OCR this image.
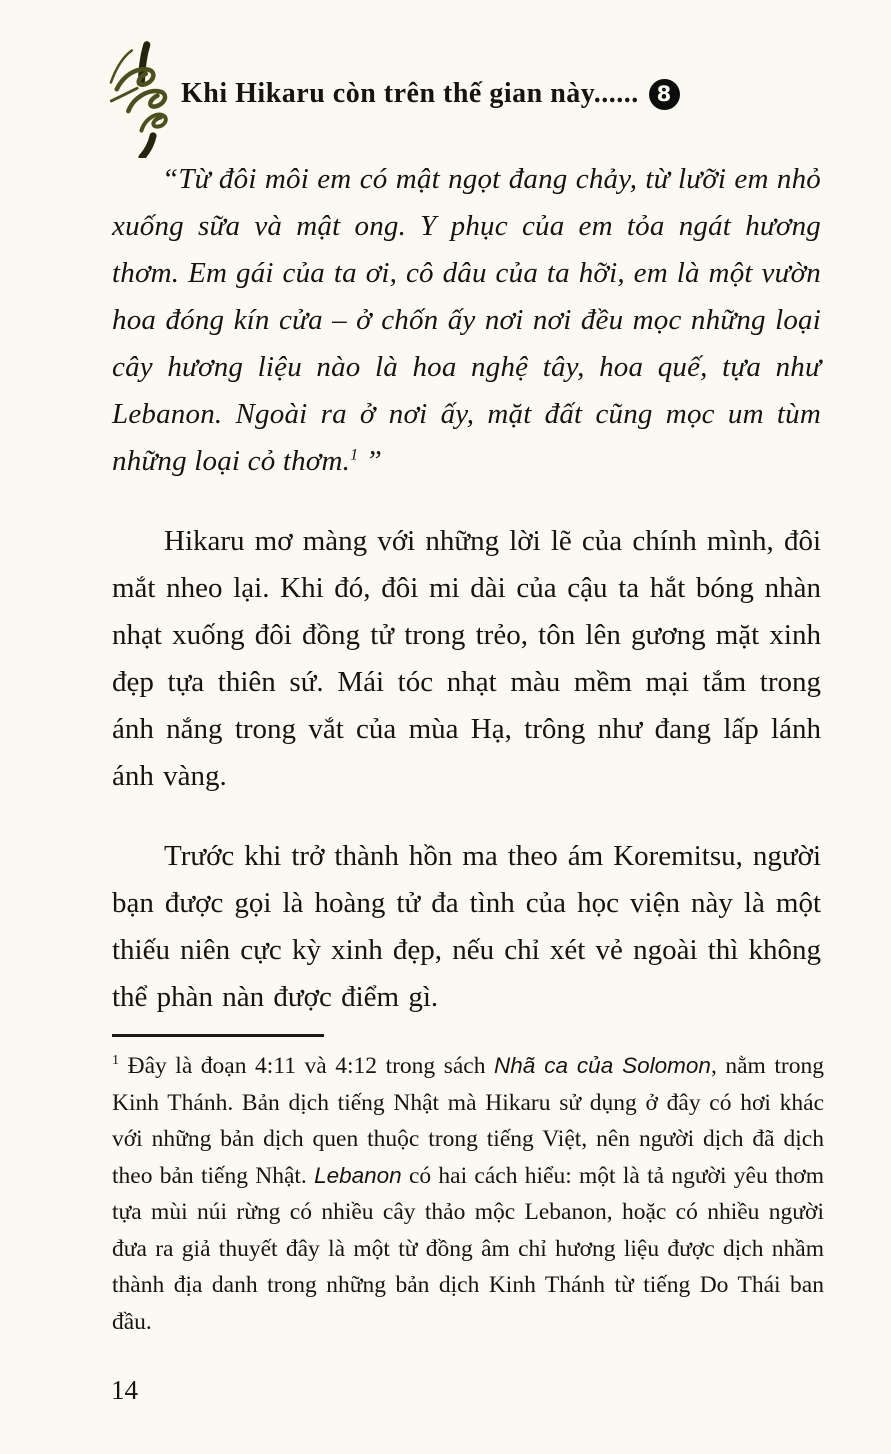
Khi Hikaru còn trên thế gian này...... 8

“Từ đôi môi em có mật ngọt đang chảy, từ lưỡi em nhỏ xuống sữa và mật ong. Y phục của em tỏa ngát hương thơm. Em gái của ta ơi, cô dâu của ta hỡi, em là một vườn hoa đóng kín cửa – ở chốn ấy nơi nơi đều mọc những loại cây hương liệu nào là hoa nghệ tây, hoa quế, tựa như Lebanon. Ngoài ra ở nơi ấy, mặt đất cũng mọc um tùm những loại cỏ thơm.$^1$ ”

Hikaru mơ màng với những lời lẽ của chính mình, đôi mắt nheo lại. Khi đó, đôi mi dài của cậu ta hắt bóng nhàn nhạt xuống đôi đồng tử trong trẻo, tôn lên gương mặt xinh đẹp tựa thiên sứ. Mái tóc nhạt màu mềm mại tắm trong ánh nắng trong vắt của mùa Hạ, trông như đang lấp lánh ánh vàng.

Trước khi trở thành hồn ma theo ám Koremitsu, người bạn được gọi là hoàng tử đa tình của học viện này là một thiếu niên cực kỳ xinh đẹp, nếu chỉ xét vẻ ngoài thì không thể phàn nàn được điểm gì.

$^1$ Đây là đoạn 4:11 và 4:12 trong sách Nhã ca của Solomon, nằm trong Kinh Thánh. Bản dịch tiếng Nhật mà Hikaru sử dụng ở đây có hơi khác với những bản dịch quen thuộc trong tiếng Việt, nên người dịch đã dịch theo bản tiếng Nhật. Lebanon có hai cách hiểu: một là tả người yêu thơm tựa mùi núi rừng có nhiều cây thảo mộc Lebanon, hoặc có nhiều người đưa ra giả thuyết đây là một từ đồng âm chỉ hương liệu được dịch nhầm thành địa danh trong những bản dịch Kinh Thánh từ tiếng Do Thái ban đầu.
14
